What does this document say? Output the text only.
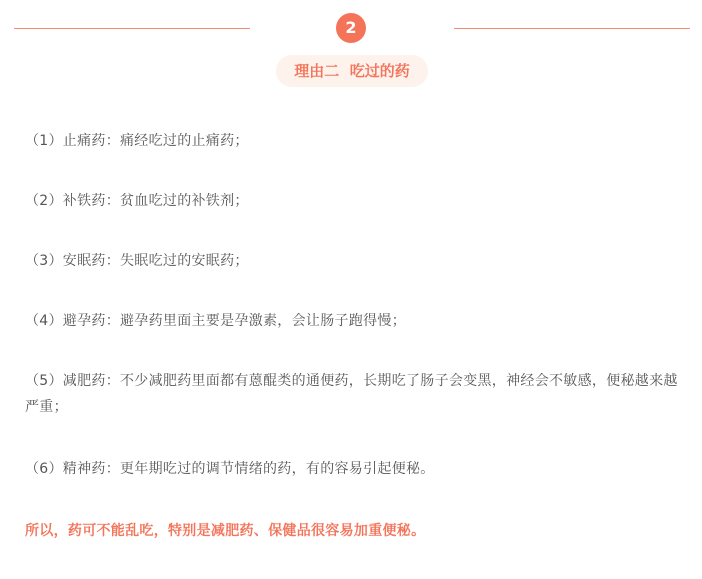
2
理由二  吃过的药
（1）止痛药：痛经吃过的止痛药；
（2）补铁药：贫血吃过的补铁剂；
（3）安眠药：失眠吃过的安眠药；
（4）避孕药：避孕药里面主要是孕激素，会让肠子跑得慢；
（5）减肥药：不少减肥药里面都有蒽醌类的通便药，长期吃了肠子会变黑，神经会不敏感，便秘越来越严重；
（6）精神药：更年期吃过的调节情绪的药，有的容易引起便秘。
所以，药可不能乱吃，特别是减肥药、保健品很容易加重便秘。
